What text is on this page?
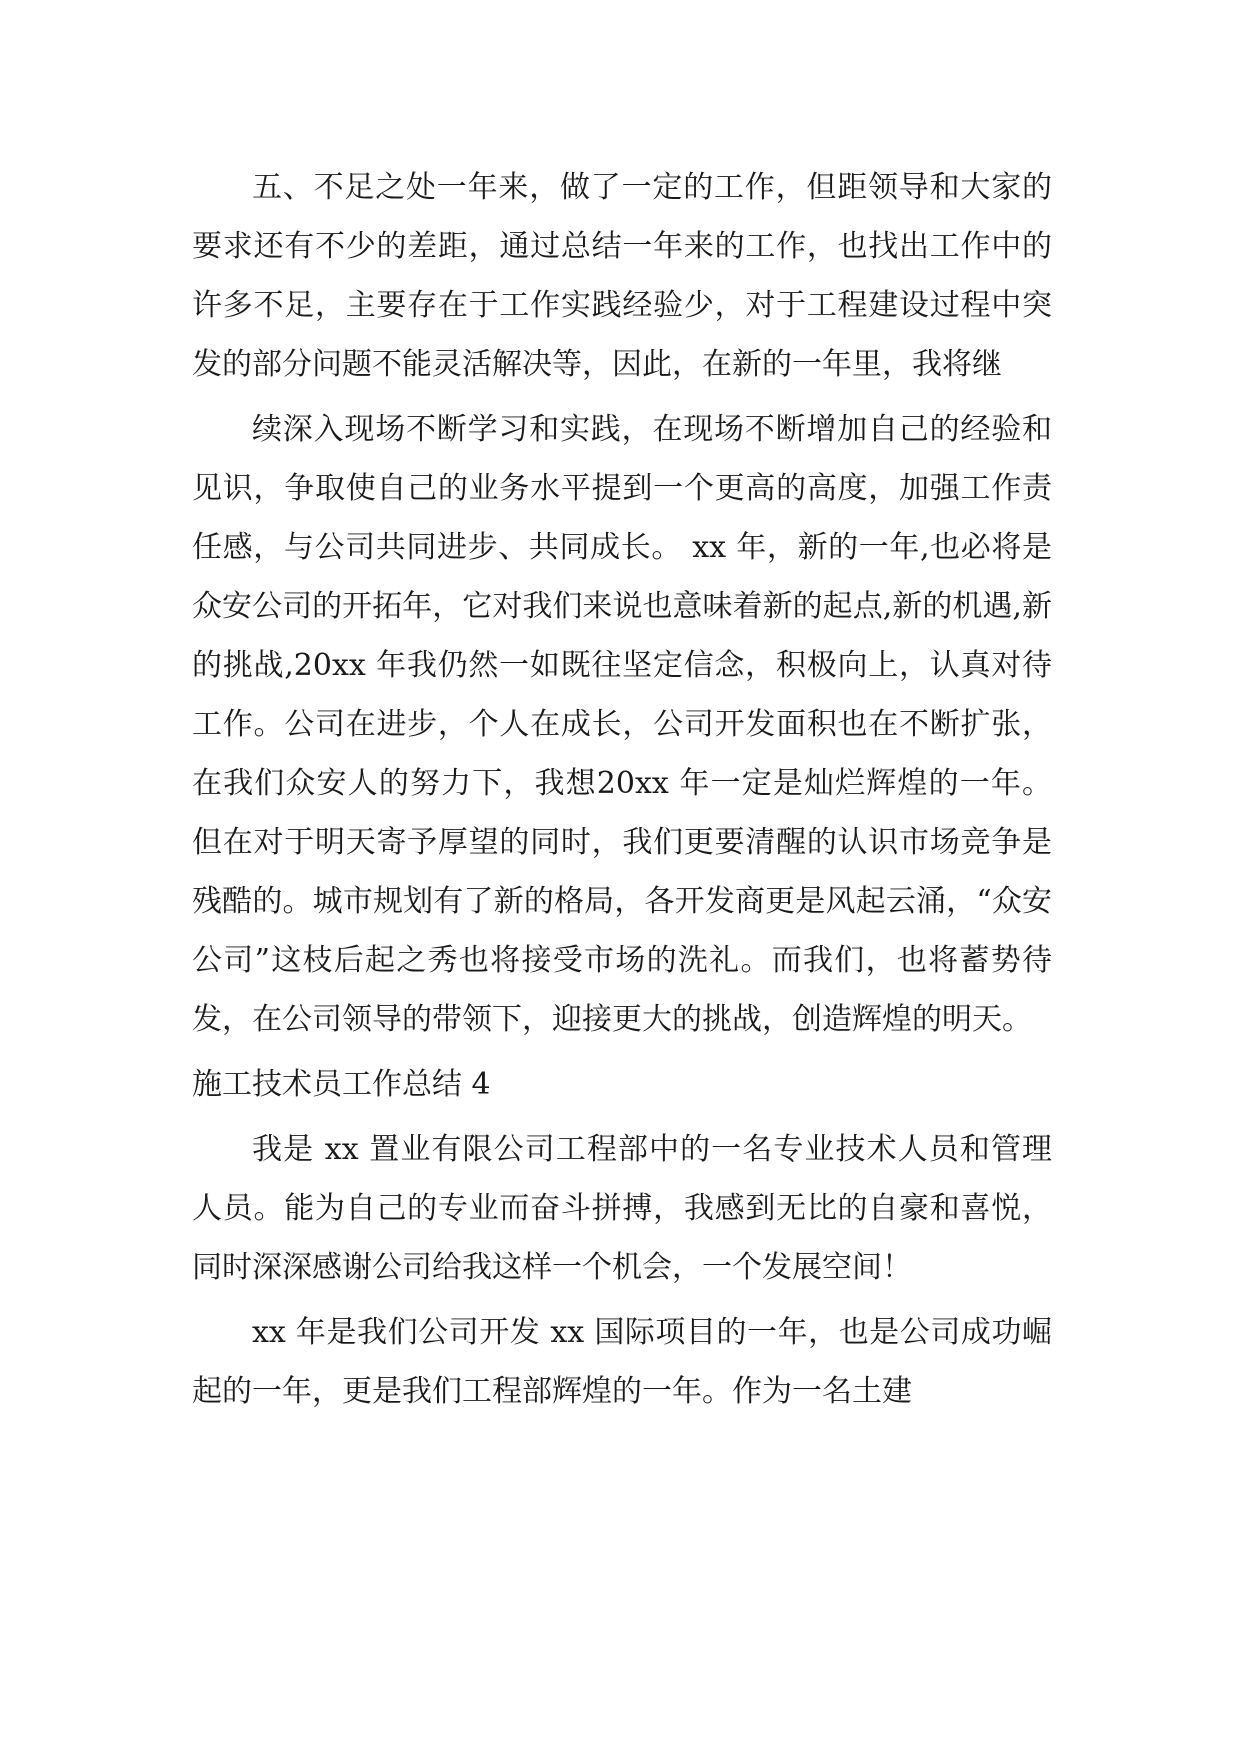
五、不足之处一年来，做了一定的工作，但距领导和大家的要求还有不少的差距，通过总结一年来的工作，也找出工作中的许多不足，主要存在于工作实践经验少，对于工程建设过程中突发的部分问题不能灵活解决等，因此，在新的一年里，我将继

续深入现场不断学习和实践，在现场不断增加自己的经验和见识，争取使自己的业务水平提到一个更高的高度，加强工作责任感，与公司共同进步、共同成长。 xx 年，新的一年,也必将是众安公司的开拓年，它对我们来说也意味着新的起点,新的机遇,新的挑战,20xx 年我仍然一如既往坚定信念，积极向上，认真对待工作。公司在进步，个人在成长，公司开发面积也在不断扩张，在我们众安人的努力下，我想20xx 年一定是灿烂辉煌的一年。但在对于明天寄予厚望的同时，我们更要清醒的认识市场竞争是残酷的。城市规划有了新的格局，各开发商更是风起云涌，“众安公司”这枝后起之秀也将接受市场的洗礼。而我们，也将蓄势待发，在公司领导的带领下，迎接更大的挑战，创造辉煌的明天。

施工技术员工作总结 4

我是 xx 置业有限公司工程部中的一名专业技术人员和管理人员。能为自己的专业而奋斗拼搏，我感到无比的自豪和喜悦，同时深深感谢公司给我这样一个机会，一个发展空间！

xx 年是我们公司开发 xx 国际项目的一年，也是公司成功崛起的一年，更是我们工程部辉煌的一年。作为一名土建
